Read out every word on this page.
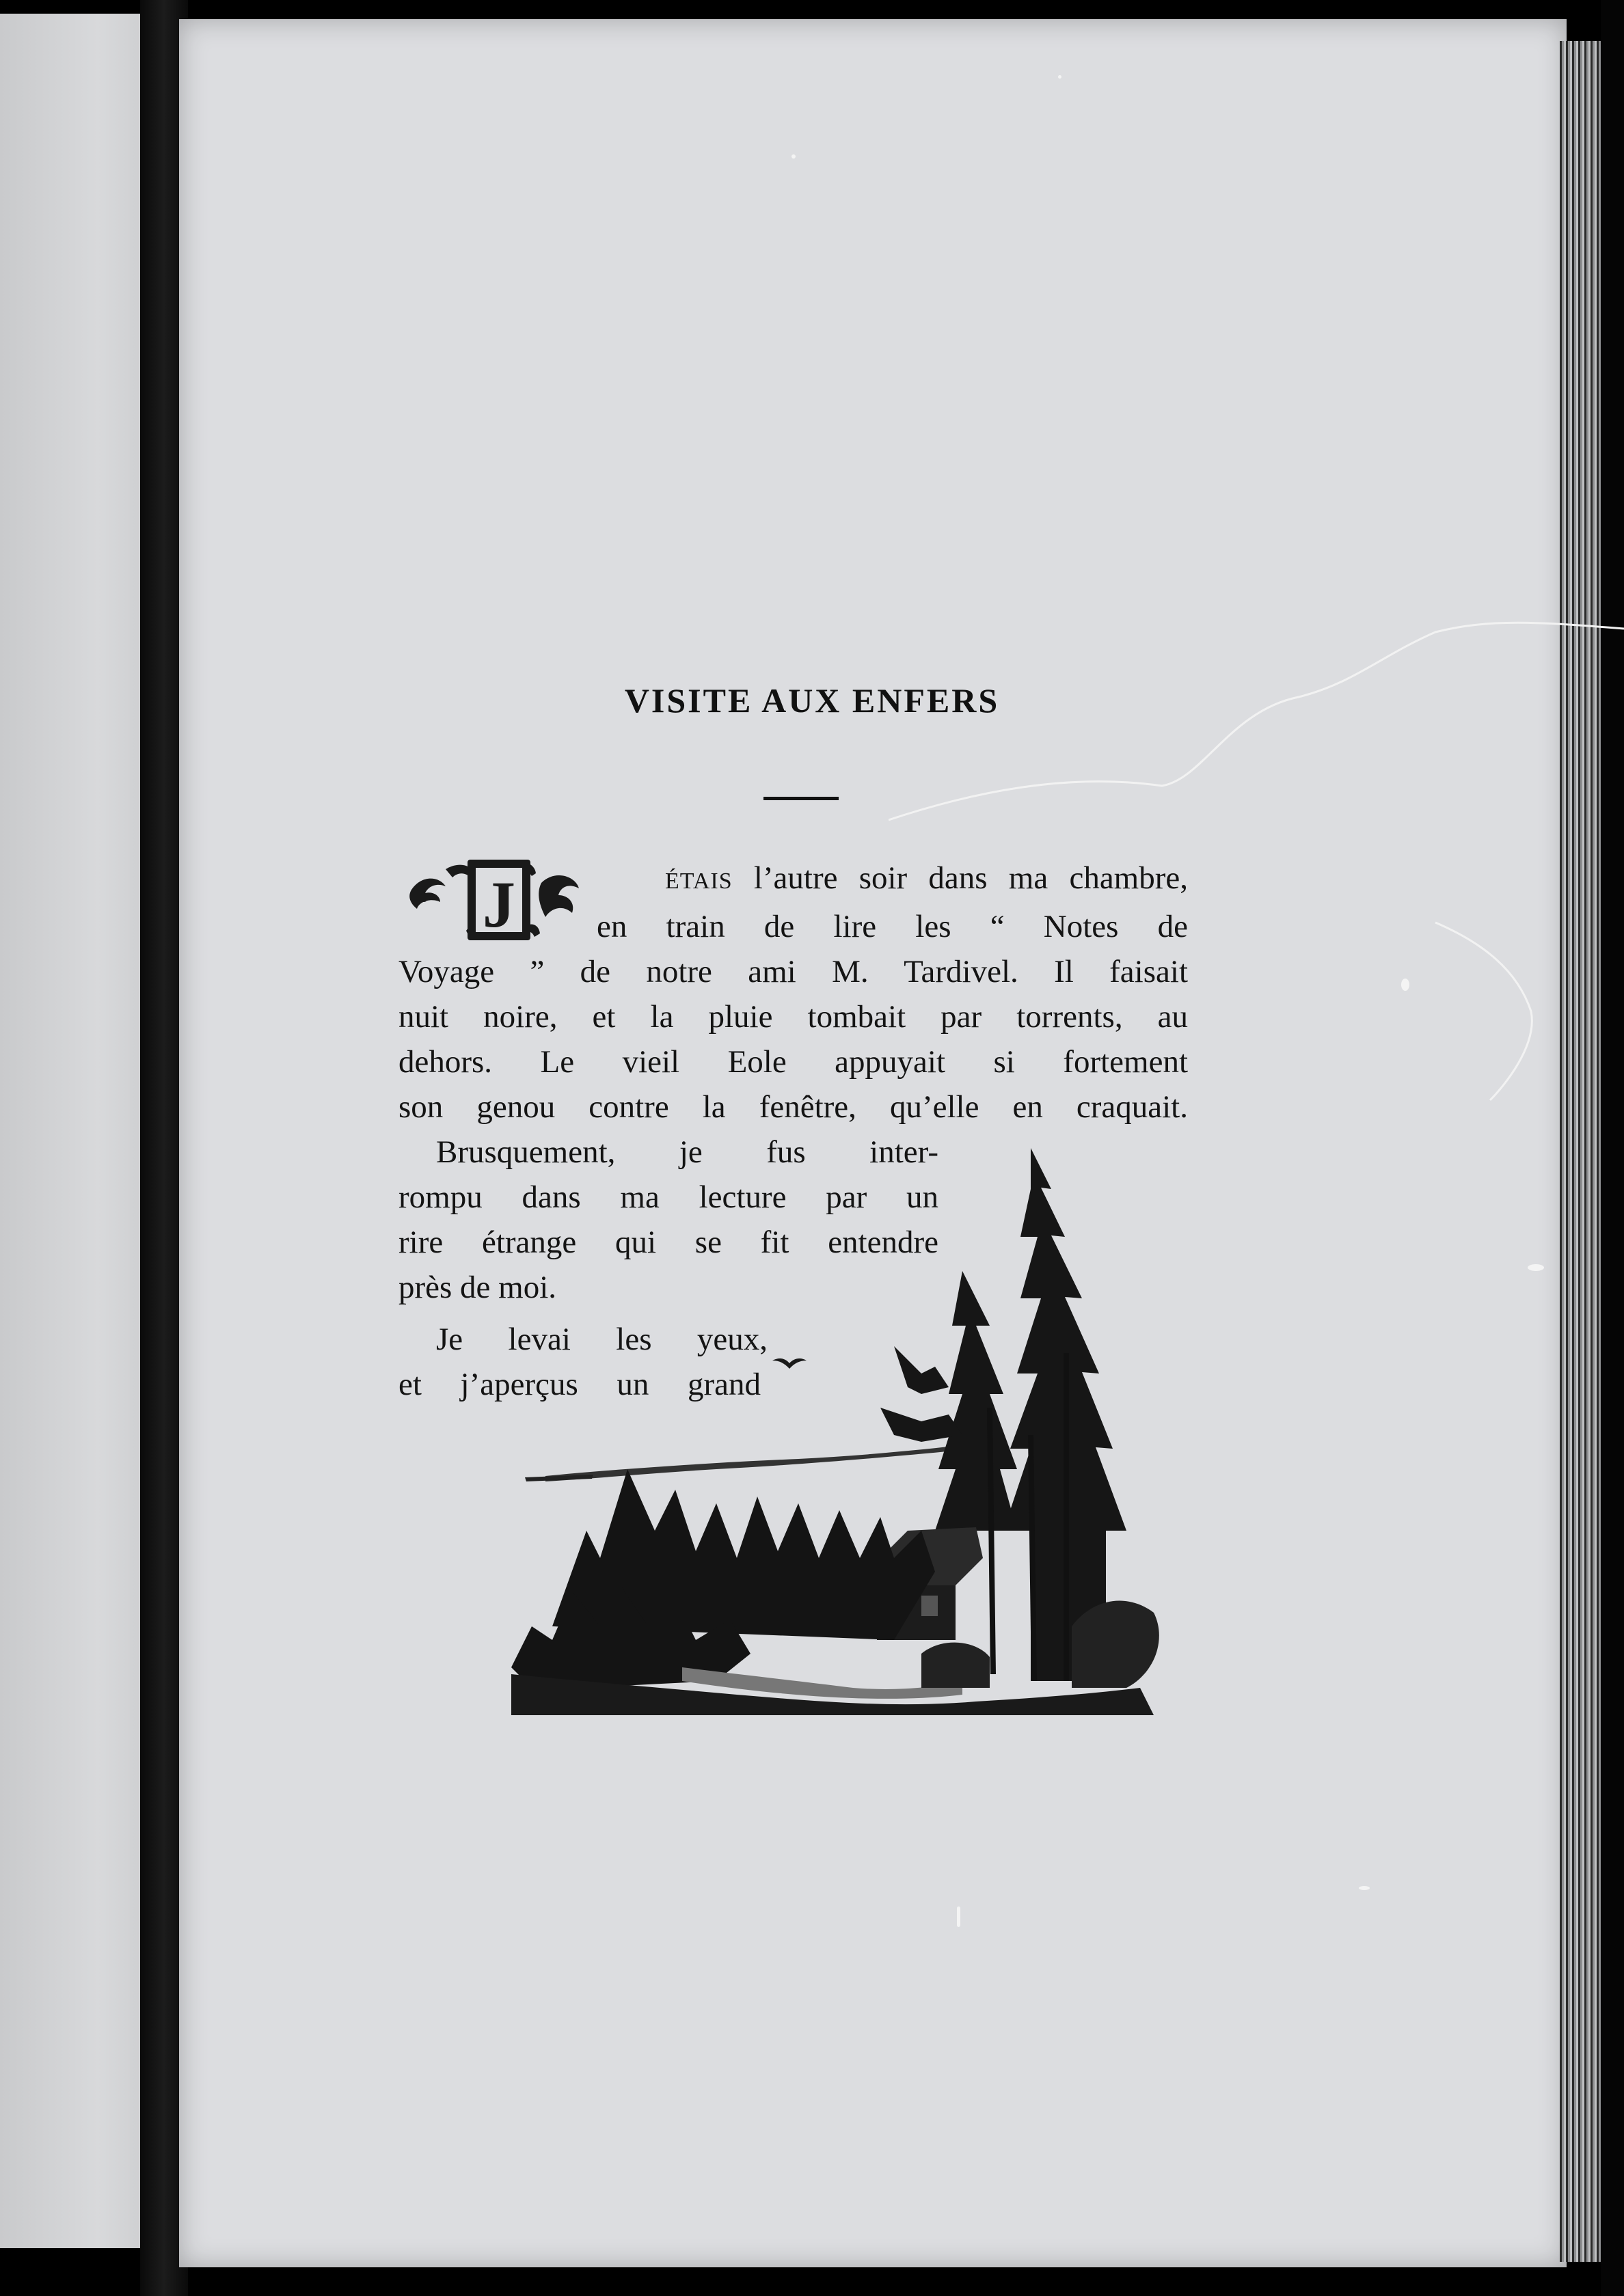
VISITE AUX ENFERS
J	ÉTAIS l’autre soir dans ma chambre,
en train de lire les “ Notes de
Voyage ” de notre ami M. Tardivel. Il faisait
nuit noire, et la pluie tombait par torrents, au
dehors. Le vieil Eole appuyait si fortement
son genou contre la fenêtre, qu’elle en craquait.
Brusquement, je fus inter-
rompu dans ma lecture par un
rire étrange qui se fit entendre
près de moi.
Je levai les yeux,
et j’aperçus un grand
